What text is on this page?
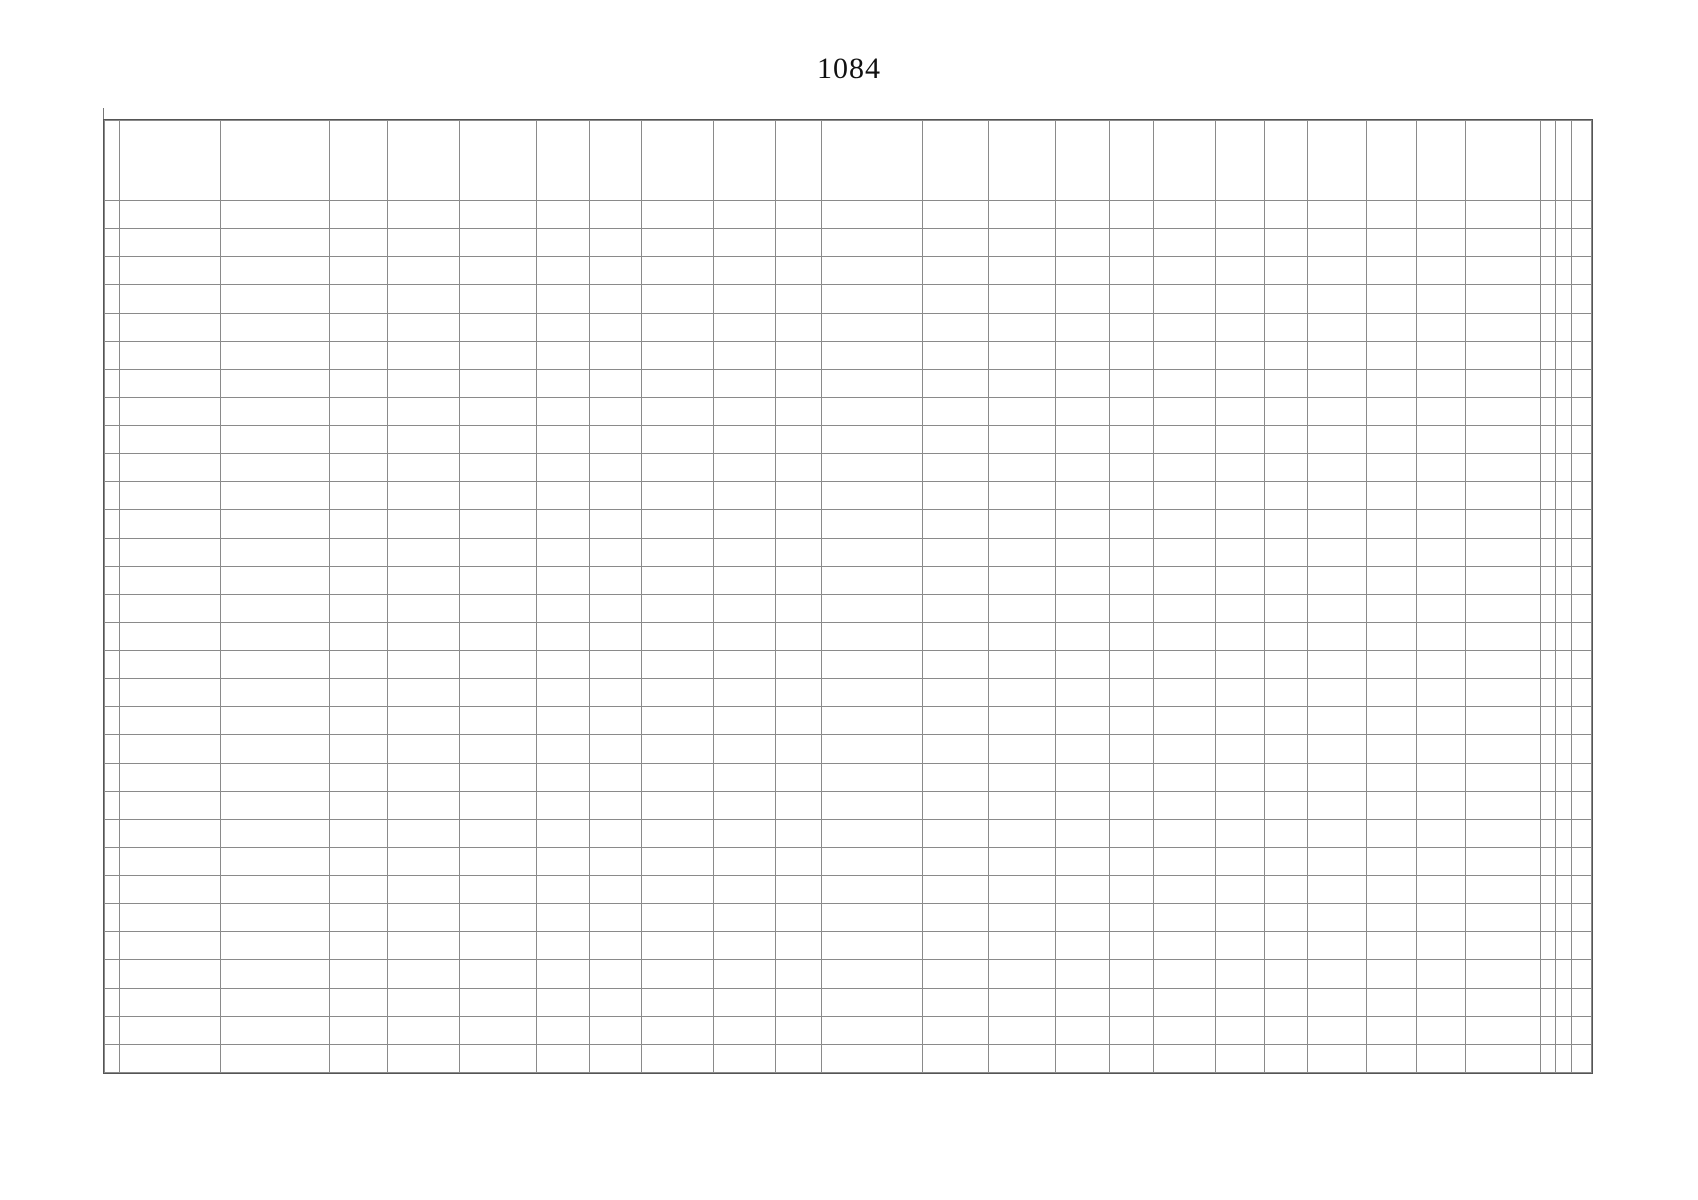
1084
